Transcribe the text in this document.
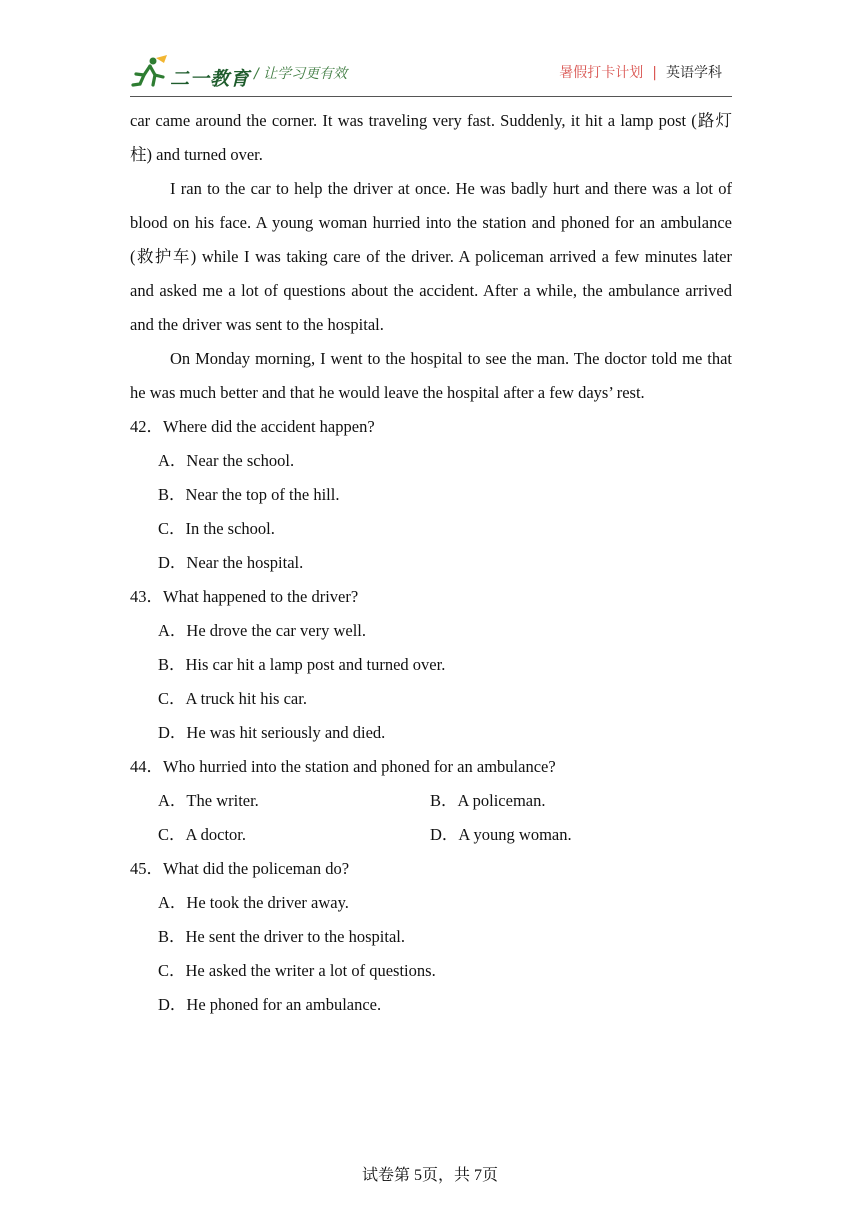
二一教育 / 让学习更有效	暑假打卡计划 | 英语学科

car came around the corner. It was traveling very fast. Suddenly, it hit a lamp post (路灯柱) and turned over.

I ran to the car to help the driver at once. He was badly hurt and there was a lot of blood on his face. A young woman hurried into the station and phoned for an ambulance (救护车) while I was taking care of the driver. A policeman arrived a few minutes later and asked me a lot of questions about the accident. After a while, the ambulance arrived and the driver was sent to the hospital.

On Monday morning, I went to the hospital to see the man. The doctor told me that he was much better and that he would leave the hospital after a few days’ rest.

42．Where did the accident happen?

A．Near the school.

B．Near the top of the hill.

C．In the school.

D．Near the hospital.

43．What happened to the driver?

A．He drove the car very well.

B．His car hit a lamp post and turned over.

C．A truck hit his car.

D．He was hit seriously and died.

44．Who hurried into the station and phoned for an ambulance?

A．The writer.	B．A policeman.
C．A doctor.	D．A young woman.

45．What did the policeman do?

A．He took the driver away.

B．He sent the driver to the hospital.

C．He asked the writer a lot of questions.

D．He phoned for an ambulance.

试卷第 5页，共 7页
